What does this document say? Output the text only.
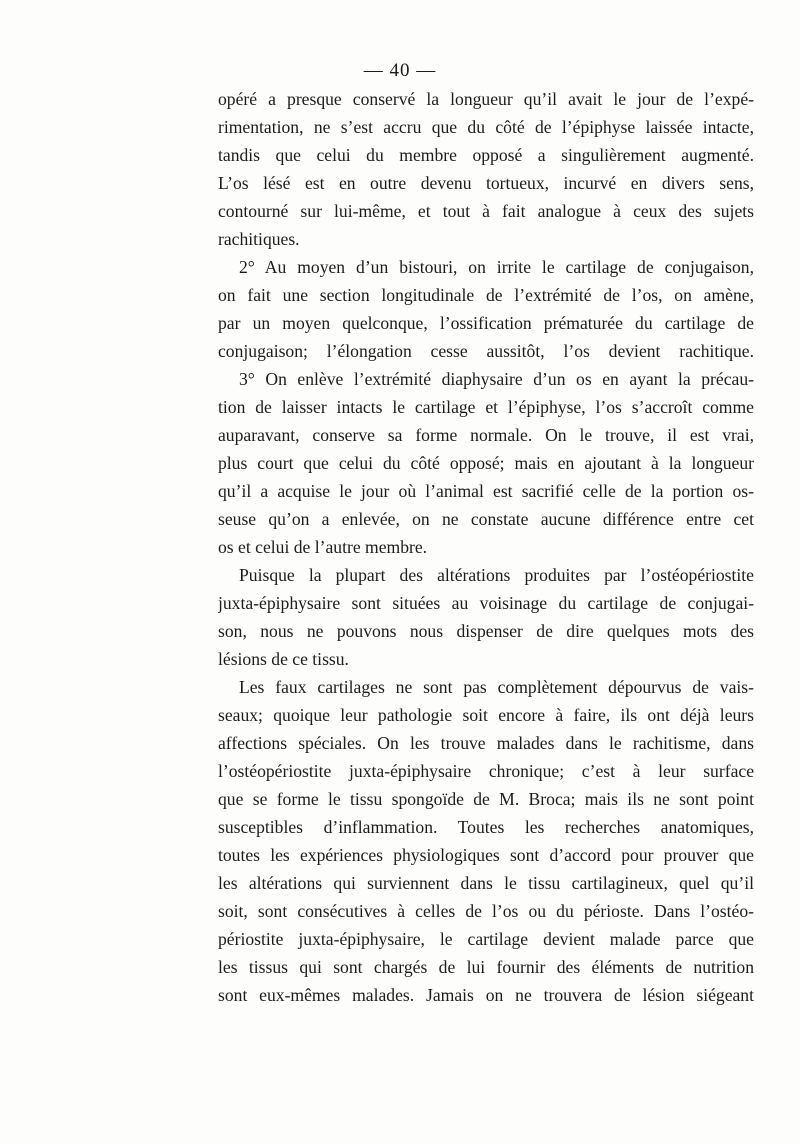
— 40 —
opéré a presque conservé la longueur qu’il avait le jour de l’expé-
rimentation, ne s’est accru que du côté de l’épiphyse laissée intacte,
tandis que celui du membre opposé a singulièrement augmenté.
L’os lésé est en outre devenu tortueux, incurvé en divers sens,
contourné sur lui-même, et tout à fait analogue à ceux des sujets
rachitiques.
2° Au moyen d’un bistouri, on irrite le cartilage de conjugaison,
on fait une section longitudinale de l’extrémité de l’os, on amène,
par un moyen quelconque, l’ossification prématurée du cartilage de
conjugaison; l’élongation cesse aussitôt, l’os devient rachitique.
3° On enlève l’extrémité diaphysaire d’un os en ayant la précau-
tion de laisser intacts le cartilage et l’épiphyse, l’os s’accroît comme
auparavant, conserve sa forme normale. On le trouve, il est vrai,
plus court que celui du côté opposé; mais en ajoutant à la longueur
qu’il a acquise le jour où l’animal est sacrifié celle de la portion os-
seuse qu’on a enlevée, on ne constate aucune différence entre cet
os et celui de l’autre membre.
Puisque la plupart des altérations produites par l’ostéopériostite
juxta-épiphysaire sont situées au voisinage du cartilage de conjugai-
son, nous ne pouvons nous dispenser de dire quelques mots des
lésions de ce tissu.
Les faux cartilages ne sont pas complètement dépourvus de vais-
seaux; quoique leur pathologie soit encore à faire, ils ont déjà leurs
affections spéciales. On les trouve malades dans le rachitisme, dans
l’ostéopériostite juxta-épiphysaire chronique; c’est à leur surface
que se forme le tissu spongoïde de M. Broca; mais ils ne sont point
susceptibles d’inflammation. Toutes les recherches anatomiques,
toutes les expériences physiologiques sont d’accord pour prouver que
les altérations qui surviennent dans le tissu cartilagineux, quel qu’il
soit, sont consécutives à celles de l’os ou du périoste. Dans l’ostéo-
périostite juxta-épiphysaire, le cartilage devient malade parce que
les tissus qui sont chargés de lui fournir des éléments de nutrition
sont eux-mêmes malades. Jamais on ne trouvera de lésion siégeant
